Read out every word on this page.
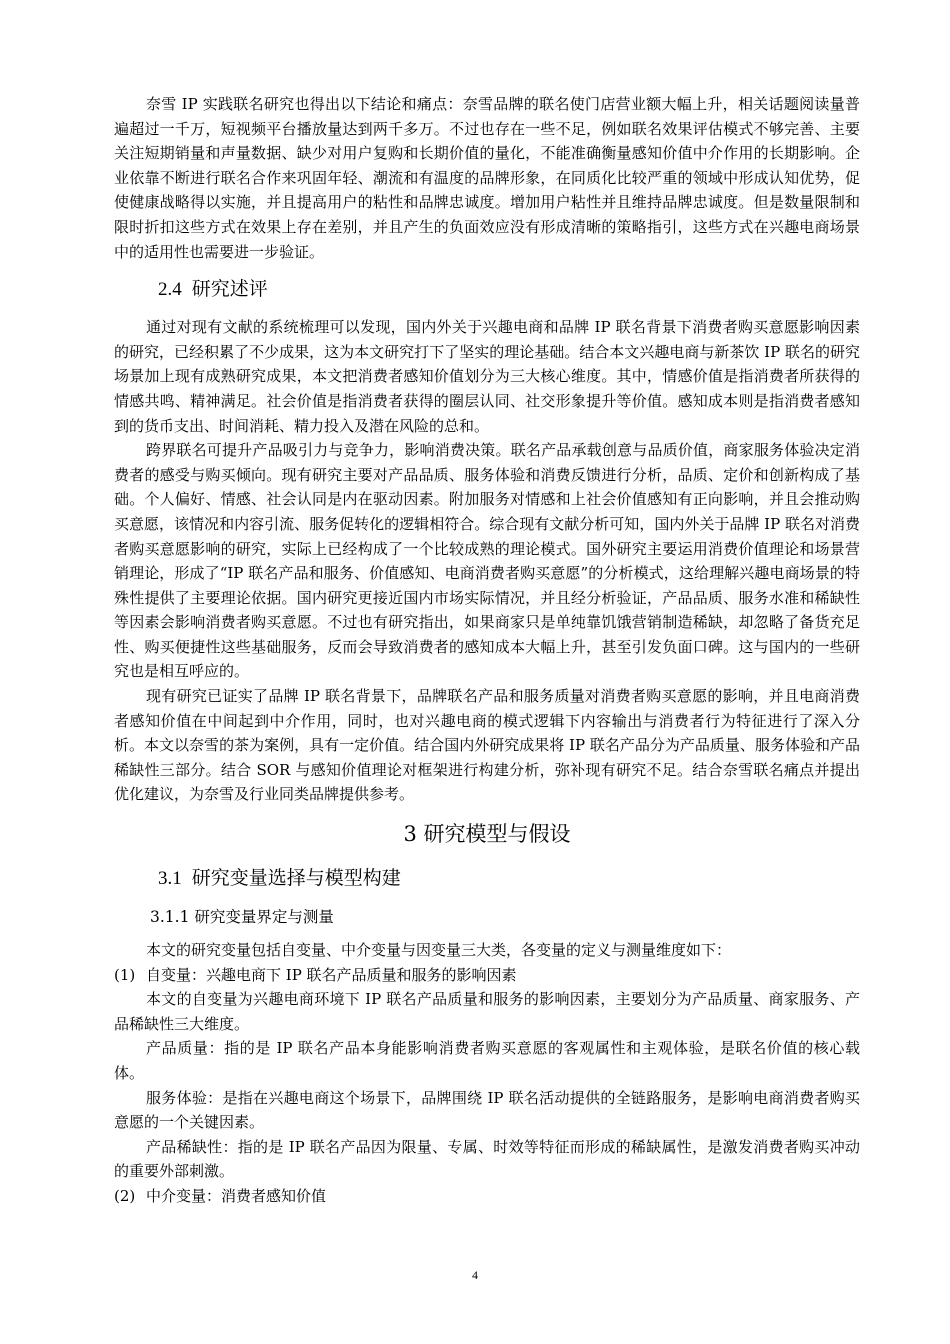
奈雪 IP 实践联名研究也得出以下结论和痛点：奈雪品牌的联名使门店营业额大幅上升，相关话题阅读量普遍超过一千万，短视频平台播放量达到两千多万。不过也存在一些不足，例如联名效果评估模式不够完善、主要关注短期销量和声量数据、缺少对用户复购和长期价值的量化，不能准确衡量感知价值中介作用的长期影响。企业依靠不断进行联名合作来巩固年轻、潮流和有温度的品牌形象，在同质化比较严重的领域中形成认知优势，促使健康战略得以实施，并且提高用户的粘性和品牌忠诚度。增加用户粘性并且维持品牌忠诚度。但是数量限制和限时折扣这些方式在效果上存在差别，并且产生的负面效应没有形成清晰的策略指引，这些方式在兴趣电商场景中的适用性也需要进一步验证。

2.4 研究述评

通过对现有文献的系统梳理可以发现，国内外关于兴趣电商和品牌 IP 联名背景下消费者购买意愿影响因素的研究，已经积累了不少成果，这为本文研究打下了坚实的理论基础。结合本文兴趣电商与新茶饮 IP 联名的研究场景加上现有成熟研究成果，本文把消费者感知价值划分为三大核心维度。其中，情感价值是指消费者所获得的情感共鸣、精神满足。社会价值是指消费者获得的圈层认同、社交形象提升等价值。感知成本则是指消费者感知到的货币支出、时间消耗、精力投入及潜在风险的总和。

跨界联名可提升产品吸引力与竞争力，影响消费决策。联名产品承载创意与品质价值，商家服务体验决定消费者的感受与购买倾向。现有研究主要对产品品质、服务体验和消费反馈进行分析，品质、定价和创新构成了基础。个人偏好、情感、社会认同是内在驱动因素。附加服务对情感和上社会价值感知有正向影响，并且会推动购买意愿，该情况和内容引流、服务促转化的逻辑相符合。综合现有文献分析可知，国内外关于品牌 IP 联名对消费者购买意愿影响的研究，实际上已经构成了一个比较成熟的理论模式。国外研究主要运用消费价值理论和场景营销理论，形成了“IP 联名产品和服务、价值感知、电商消费者购买意愿”的分析模式，这给理解兴趣电商场景的特殊性提供了主要理论依据。国内研究更接近国内市场实际情况，并且经分析验证，产品品质、服务水准和稀缺性等因素会影响消费者购买意愿。不过也有研究指出，如果商家只是单纯靠饥饿营销制造稀缺，却忽略了备货充足性、购买便捷性这些基础服务，反而会导致消费者的感知成本大幅上升，甚至引发负面口碑。这与国内的一些研究也是相互呼应的。

现有研究已证实了品牌 IP 联名背景下，品牌联名产品和服务质量对消费者购买意愿的影响，并且电商消费者感知价值在中间起到中介作用，同时，也对兴趣电商的模式逻辑下内容输出与消费者行为特征进行了深入分析。本文以奈雪的茶为案例，具有一定价值。结合国内外研究成果将 IP 联名产品分为产品质量、服务体验和产品稀缺性三部分。结合 SOR 与感知价值理论对框架进行构建分析，弥补现有研究不足。结合奈雪联名痛点并提出优化建议，为奈雪及行业同类品牌提供参考。

3 研究模型与假设
3.1 研究变量选择与模型构建
3.1.1 研究变量界定与测量

本文的研究变量包括自变量、中介变量与因变量三大类，各变量的定义与测量维度如下：

(1) 自变量：兴趣电商下 IP 联名产品质量和服务的影响因素

本文的自变量为兴趣电商环境下 IP 联名产品质量和服务的影响因素，主要划分为产品质量、商家服务、产品稀缺性三大维度。

产品质量：指的是 IP 联名产品本身能影响消费者购买意愿的客观属性和主观体验，是联名价值的核心载体。

服务体验：是指在兴趣电商这个场景下，品牌围绕 IP 联名活动提供的全链路服务，是影响电商消费者购买意愿的一个关键因素。

产品稀缺性：指的是 IP 联名产品因为限量、专属、时效等特征而形成的稀缺属性，是激发消费者购买冲动的重要外部刺激。

(2) 中介变量：消费者感知价值

4
